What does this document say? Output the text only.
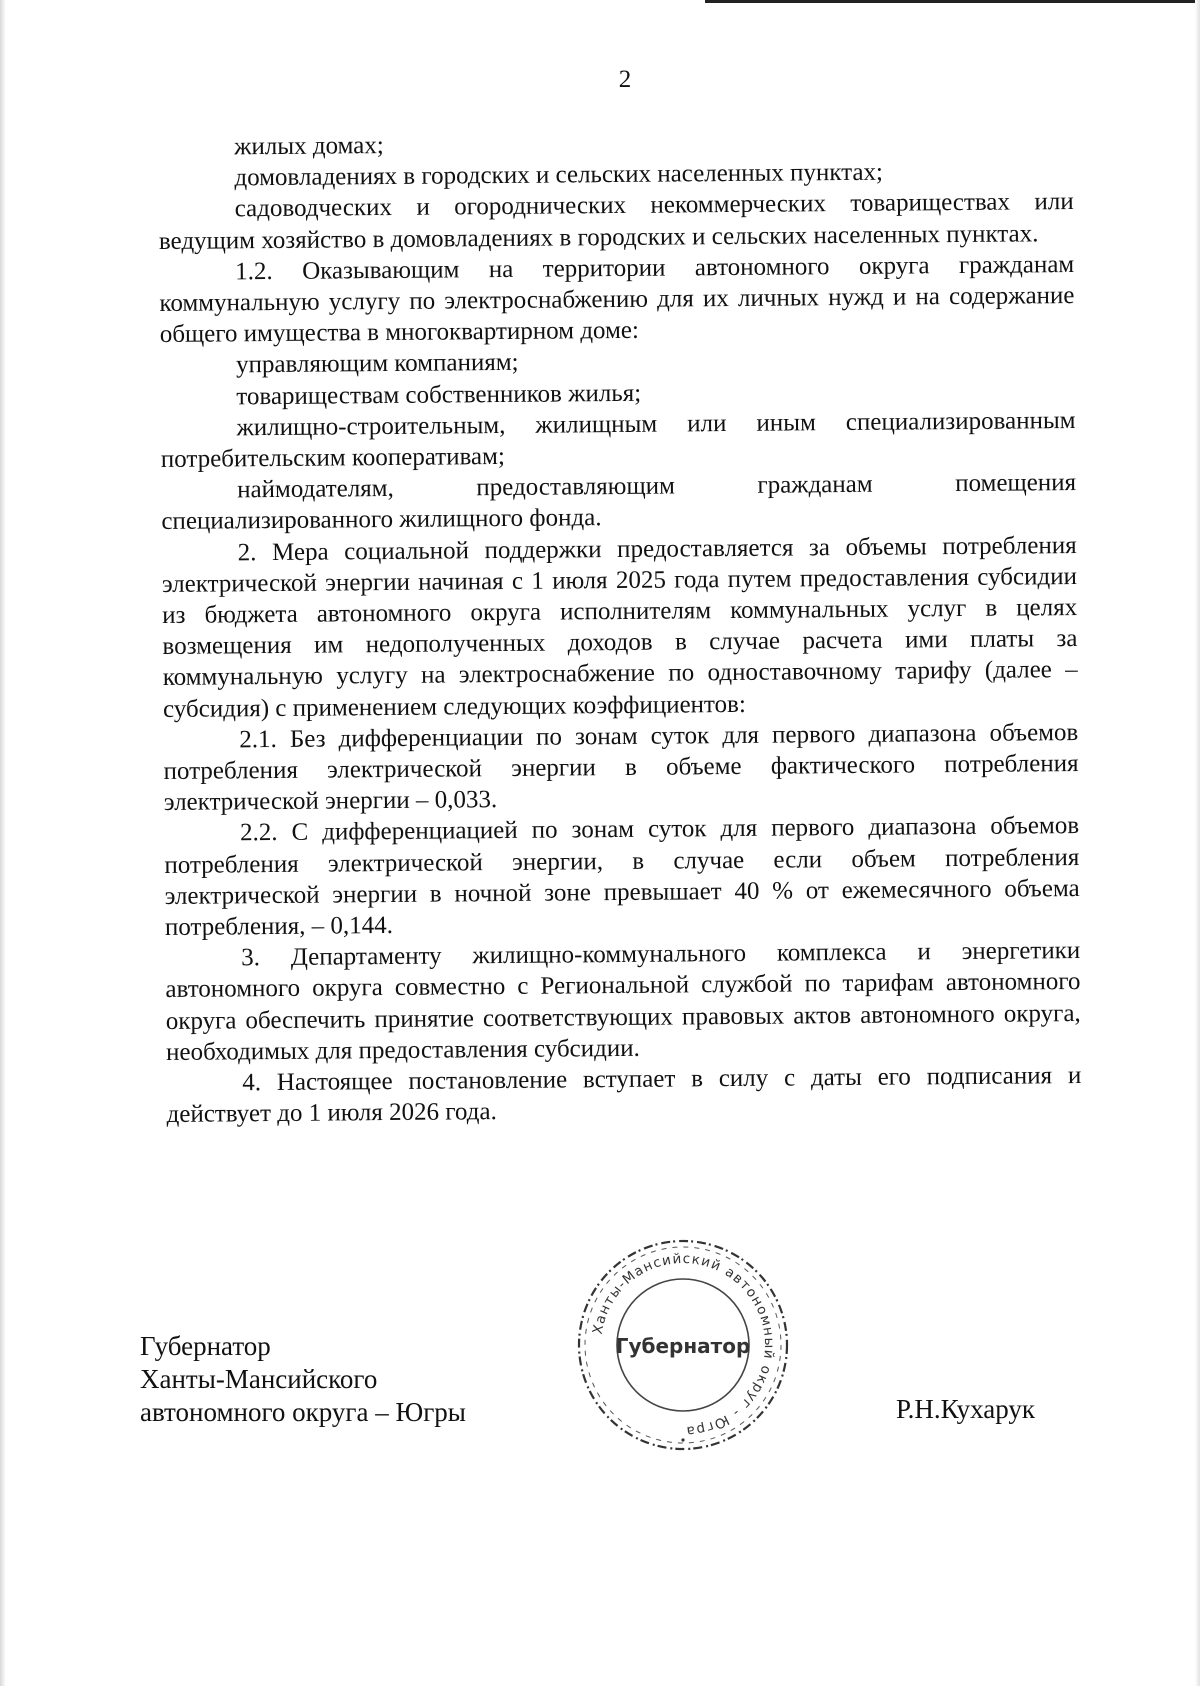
2

жилых домах;

домовладениях в городских и сельских населенных пунктах;

садоводческих и огороднических некоммерческих товариществах или ведущим хозяйство в домовладениях в городских и сельских населенных пунктах.

1.2. Оказывающим на территории автономного округа гражданам коммунальную услугу по электроснабжению для их личных нужд и на содержание общего имущества в многоквартирном доме:

управляющим компаниям;

товариществам собственников жилья;

жилищно-строительным, жилищным или иным специализированным потребительским кооперативам;

наймодателям, предоставляющим гражданам помещения специализированного жилищного фонда.

2. Мера социальной поддержки предоставляется за объемы потребления электрической энергии начиная с 1 июля 2025 года путем предоставления субсидии из бюджета автономного округа исполнителям коммунальных услуг в целях возмещения им недополученных доходов в случае расчета ими платы за коммунальную услугу на электроснабжение по одноставочному тарифу (далее – субсидия) с применением следующих коэффициентов:

2.1. Без дифференциации по зонам суток для первого диапазона объемов потребления электрической энергии в объеме фактического потребления электрической энергии – 0,033.

2.2. С дифференциацией по зонам суток для первого диапазона объемов потребления электрической энергии, в случае если объем потребления электрической энергии в ночной зоне превышает 40 % от ежемесячного объема потребления, – 0,144.

3. Департаменту жилищно-коммунального комплекса и энергетики автономного округа совместно с Региональной службой по тарифам автономного округа обеспечить принятие соответствующих правовых актов автономного округа, необходимых для предоставления субсидии.

4. Настоящее постановление вступает в силу с даты его подписания и действует до 1 июля 2026 года.

Губернатор
Ханты-Мансийского
автономного округа – Югры
Ханты-Мансийский автономный округ - Югра
Губернатор
Р.Н.Кухарук
